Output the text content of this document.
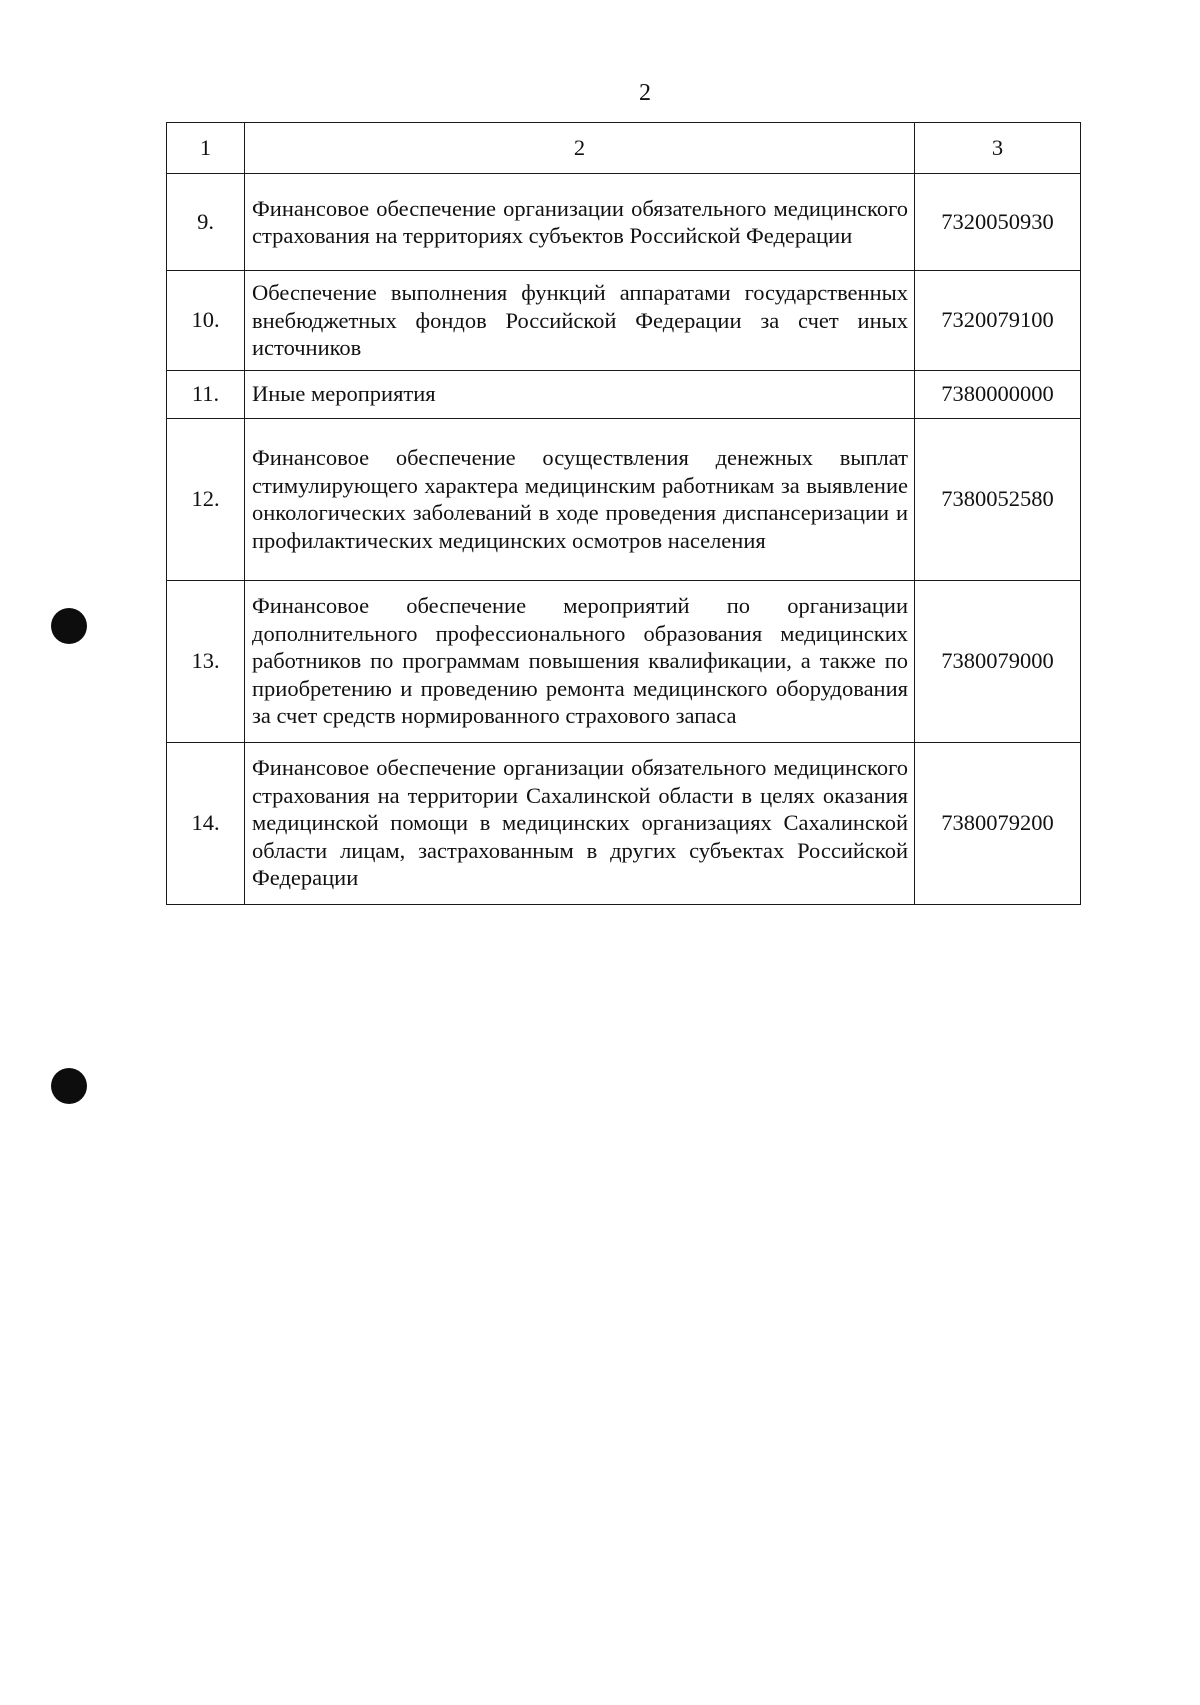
2
1	2	3
9.	Финансовое обеспечение организации обязательного медицинского страхования на территориях субъектов Российской Федерации	7320050930
10.	Обеспечение выполнения функций аппаратами государственных внебюджетных фондов Российской Федерации за счет иных источников	7320079100
11.	Иные мероприятия	7380000000
12.	Финансовое обеспечение осуществления денежных выплат стимулирующего характера медицинским работникам за выявление онкологических заболеваний в ходе проведения диспансеризации и профилактических медицинских осмотров населения	7380052580
13.	Финансовое обеспечение мероприятий по организации дополнительного профессионального образования медицинских работников по программам повышения квалификации, а также по приобретению и проведению ремонта медицинского оборудования за счет средств нормированного страхового запаса	7380079000
14.	Финансовое обеспечение организации обязательного медицинского страхования на территории Сахалинской области в целях оказания медицинской помощи в медицинских организациях Сахалинской области лицам, застрахованным в других субъектах Российской Федерации	7380079200
